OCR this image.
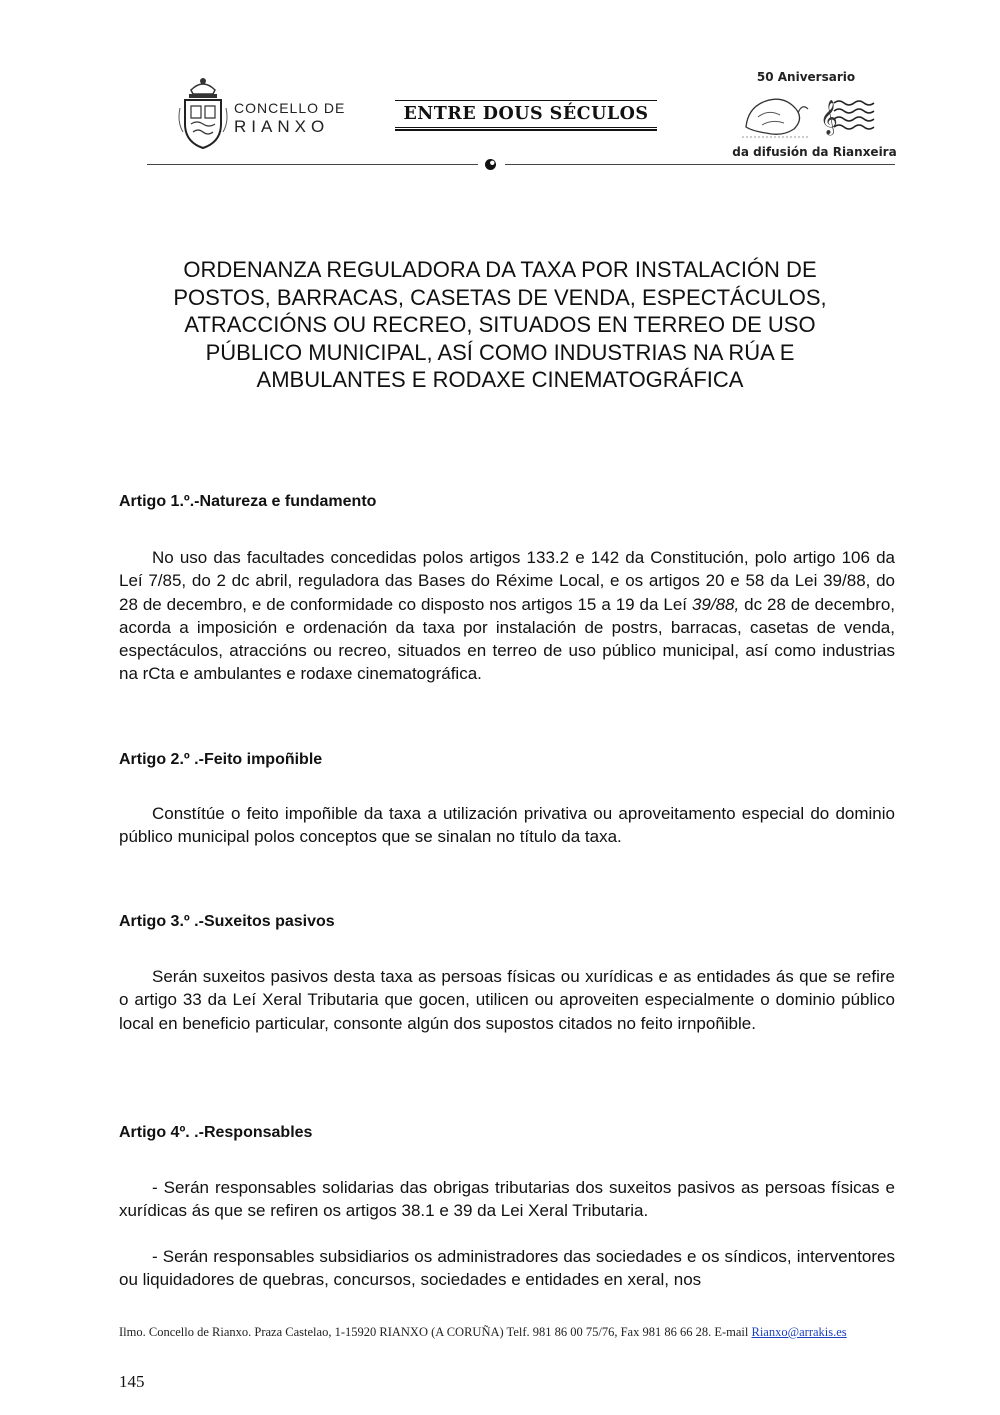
CONCELLO DE
RIANXO
ENTRE DOUS SÉCULOS
50 Aniversario
𝄞
da difusión da Rianxeira
ORDENANZA REGULADORA DA TAXA POR INSTALACIÓN DE POSTOS, BARRACAS, CASETAS DE VENDA, ESPECTÁCULOS, ATRACCIÓNS OU RECREO, SITUADOS EN TERREO DE USO PÚBLICO MUNICIPAL, ASÍ COMO INDUSTRIAS NA RÚA E AMBULANTES E RODAXE CINEMATOGRÁFICA

Artigo 1.º.-Natureza e fundamento

No uso das facultades concedidas polos artigos 133.2 e 142 da Constitución, polo artigo 106 da Leí 7/85, do 2 dc abril, reguladora das Bases do Réxime Local, e os artigos 20 e 58 da Lei 39/88, do 28 de decembro, e de conformidade co disposto nos artigos 15 a 19 da Leí 39/88, dc 28 de decembro, acorda a imposición e ordenación da taxa por instalación de postrs, barracas, casetas de venda, espectáculos, atraccións ou recreo, situados en terreo de uso público municipal, así como industrias na rCta e ambulantes e rodaxe cinematográfica.

Artigo 2.º .-Feito impoñible

Constítúe o feito impoñible da taxa a utilización privativa ou aproveitamento especial do dominio público municipal polos conceptos que se sinalan no título da taxa.

Artigo 3.º .-Suxeitos pasivos

Serán suxeitos pasivos desta taxa as persoas físicas ou xurídicas e as entidades ás que se refire o artigo 33 da Leí Xeral Tributaria que gocen, utilicen ou aproveiten especialmente o dominio público local en beneficio particular, consonte algún dos supostos citados no feito irnpoñible.

Artigo 4º. .-Responsables

- Serán responsables solidarias das obrigas tributarias dos suxeitos pasivos as persoas físicas e xurídicas ás que se refiren os artigos 38.1 e 39 da Lei Xeral Tributaria.

- Serán responsables subsidiarios os administradores das sociedades e os síndicos, interventores ou liquidadores de quebras, concursos, sociedades e entidades en xeral, nos

Ilmo. Concello de Rianxo. Praza Castelao, 1-15920 RIANXO (A CORUÑA) Telf. 981 86 00 75/76, Fax 981 86 66 28. E-mail Rianxo@arrakis.es
145
